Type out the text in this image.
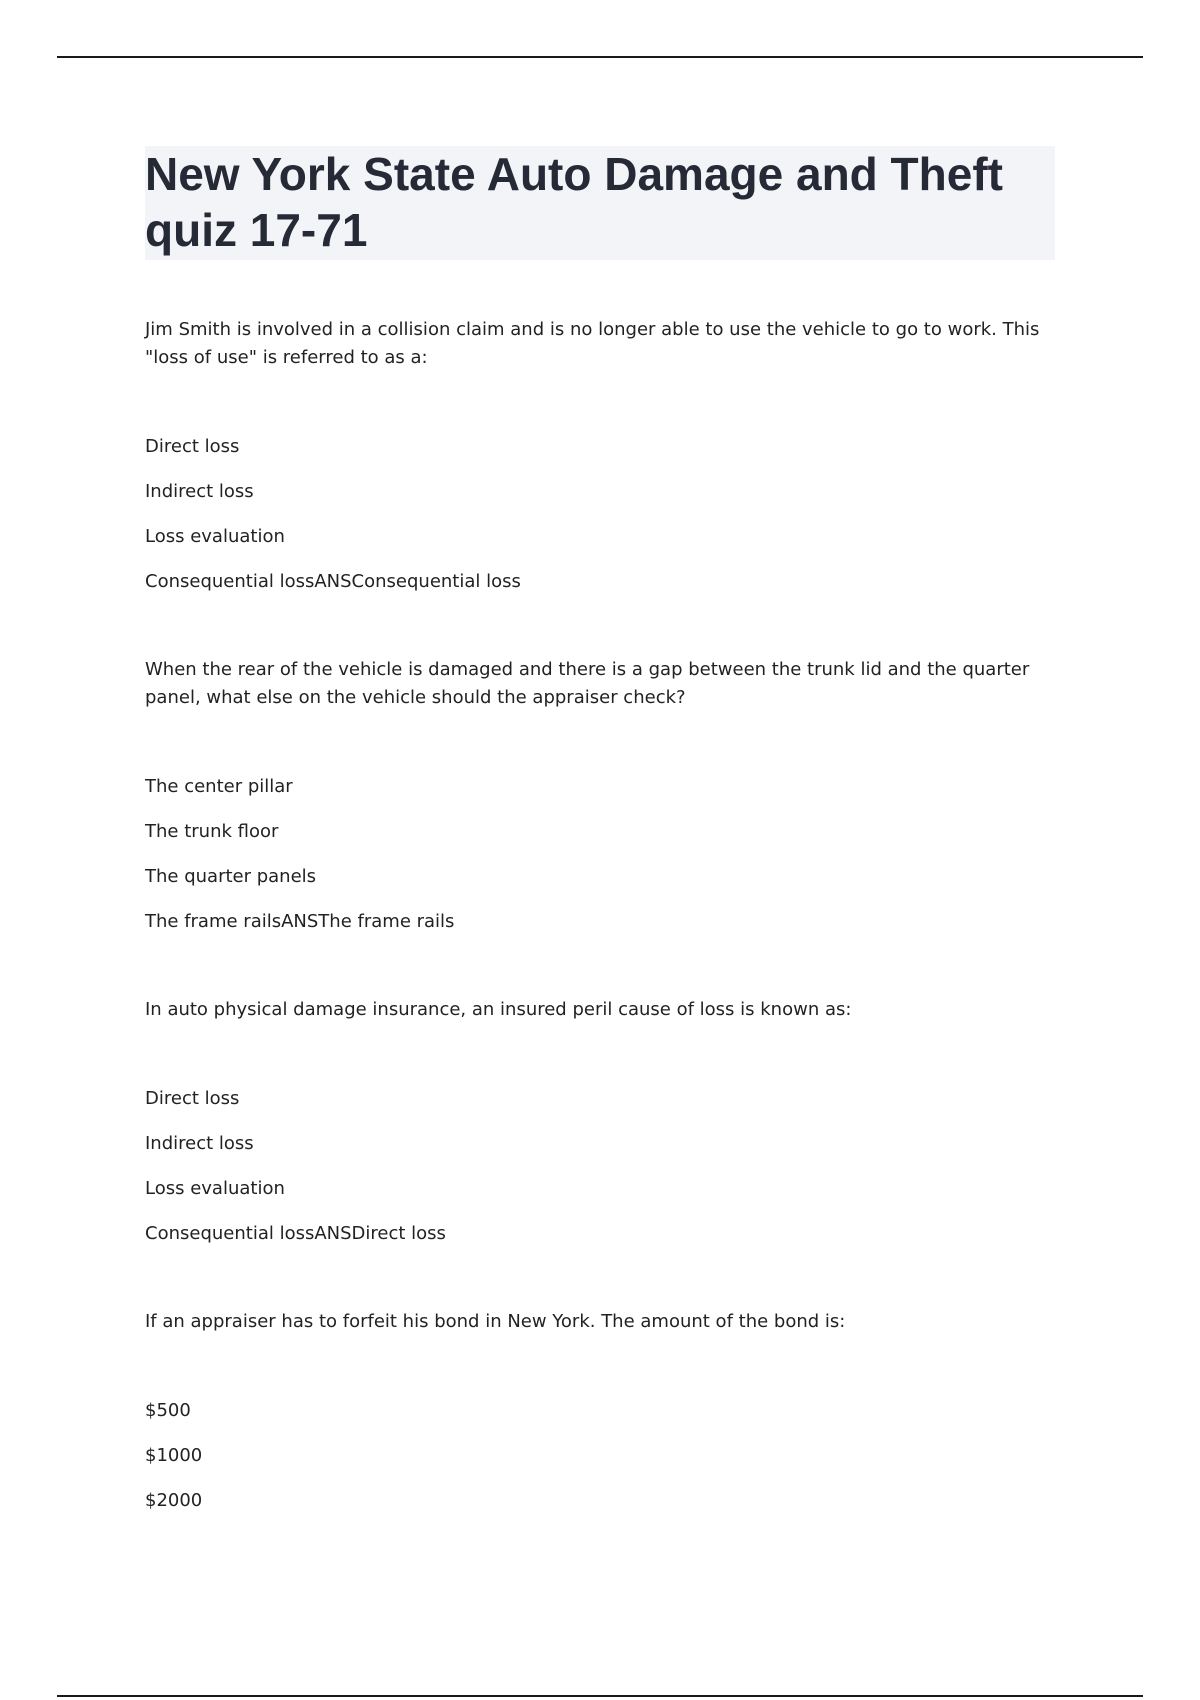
New York State Auto Damage and Theft quiz 17-71

Jim Smith is involved in a collision claim and is no longer able to use the vehicle to go to work. This "loss of use" is referred to as a:

Direct loss
Indirect loss
Loss evaluation
Consequential lossANSConsequential loss

When the rear of the vehicle is damaged and there is a gap between the trunk lid and the quarter panel, what else on the vehicle should the appraiser check?

The center pillar
The trunk floor
The quarter panels
The frame railsANSThe frame rails

In auto physical damage insurance, an insured peril cause of loss is known as:

Direct loss
Indirect loss
Loss evaluation
Consequential lossANSDirect loss

If an appraiser has to forfeit his bond in New York. The amount of the bond is:

$500
$1000
$2000
